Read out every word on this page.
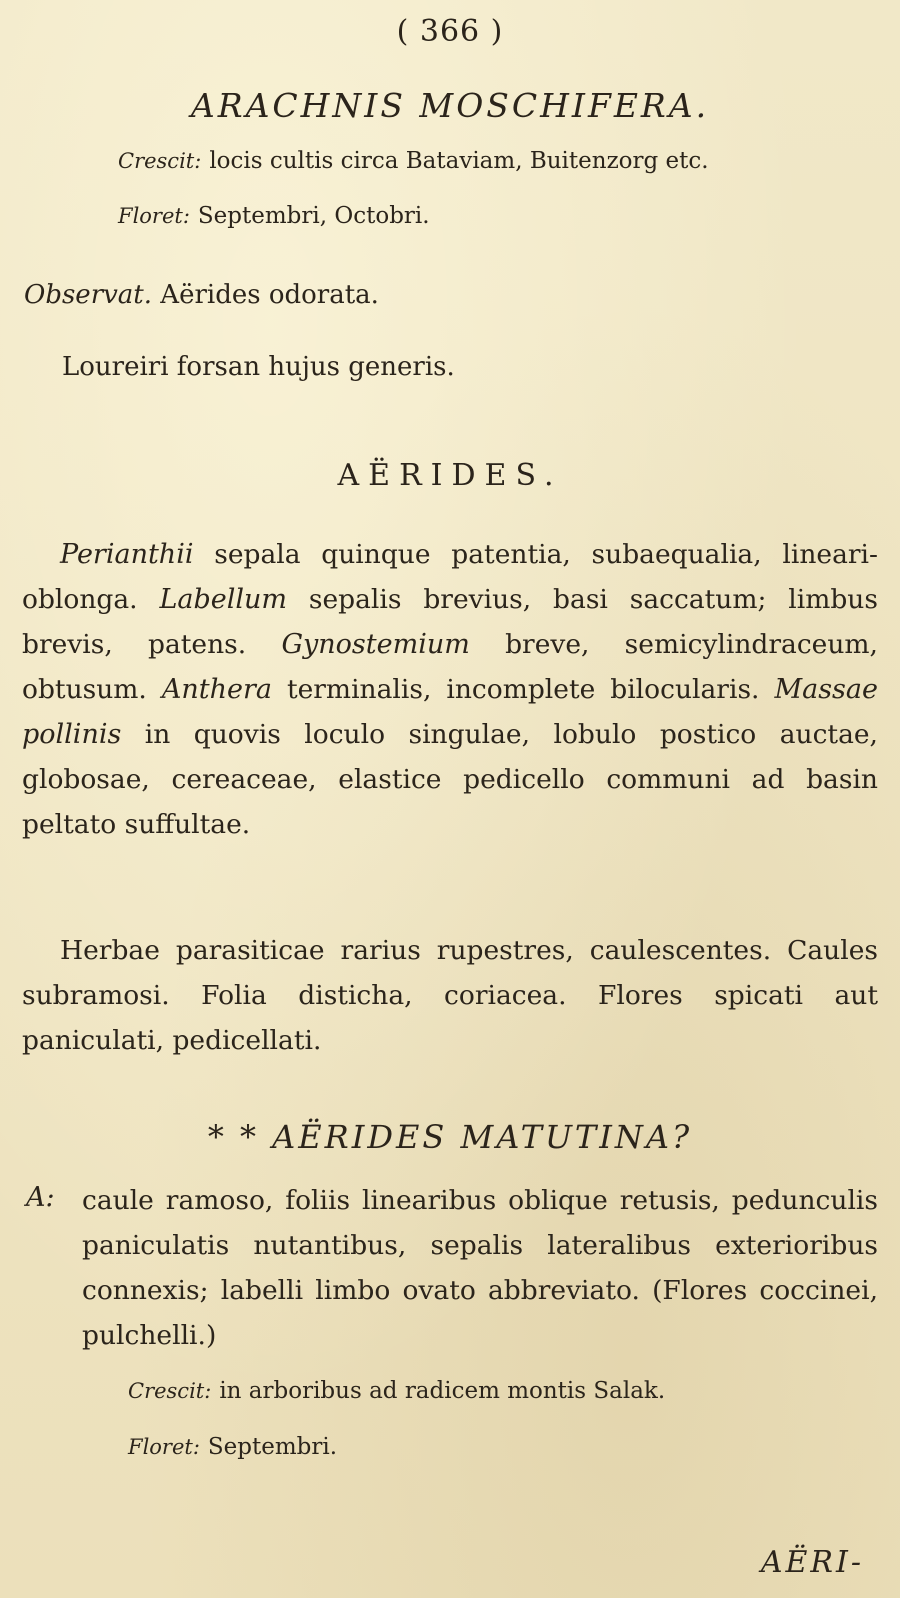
( 366 )
ARACHNIS MOSCHIFERA.
Crescit: locis cultis circa Bataviam, Buitenzorg etc.
Floret: Septembri, Octobri.
Observat. Aërides odorata.
Loureiri forsan hujus generis.
AËRIDES.

Perianthii sepala quinque patentia, subaequalia, lineari-oblonga. Labellum sepalis brevius, basi saccatum; limbus brevis, patens. Gynostemium breve, semicylindraceum, obtusum. Anthera terminalis, incomplete bilocularis. Massae pollinis in quovis loculo singulae, lobulo postico auctae, globosae, cereaceae, elastice pedicello communi ad basin peltato suffultae.

Herbae parasiticae rarius rupestres, caulescentes. Caules subramosi. Folia disticha, coriacea. Flores spicati aut paniculati, pedicellati.

* * AËRIDES MATUTINA?
A: caule ramoso, foliis linearibus oblique retusis, pedunculis paniculatis nutantibus, sepalis lateralibus exterioribus connexis; labelli limbo ovato abbreviato. (Flores coccinei, pulchelli.)
Crescit: in arboribus ad radicem montis Salak.
Floret: Septembri.
AËRI-
